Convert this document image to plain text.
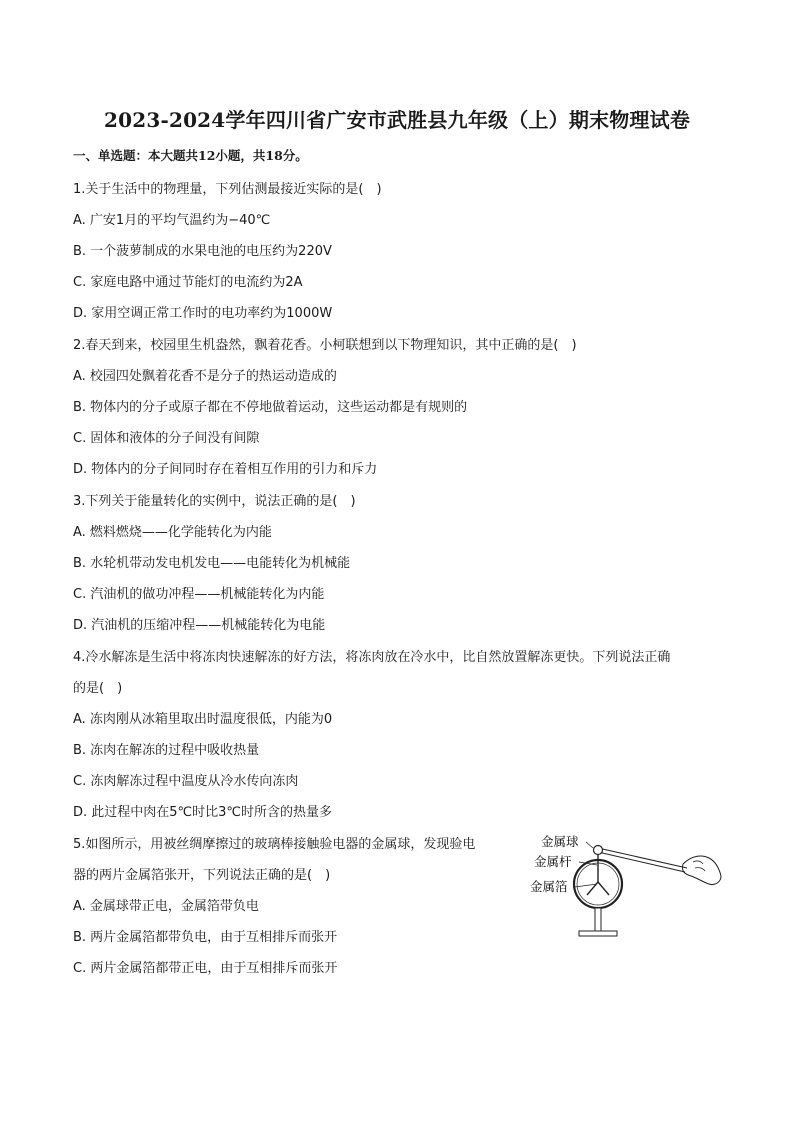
2023-2024学年四川省广安市武胜县九年级（上）期末物理试卷
一、单选题：本大题共12小题，共18分。
1.关于生活中的物理量，下列估测最接近实际的是(　)
A. 广安1月的平均气温约为−40℃
B. 一个菠萝制成的水果电池的电压约为220V
C. 家庭电路中通过节能灯的电流约为2A
D. 家用空调正常工作时的电功率约为1000W
2.春天到来，校园里生机盎然，飘着花香。小柯联想到以下物理知识，其中正确的是(　)
A. 校园四处飘着花香不是分子的热运动造成的
B. 物体内的分子或原子都在不停地做着运动，这些运动都是有规则的
C. 固体和液体的分子间没有间隙
D. 物体内的分子间同时存在着相互作用的引力和斥力
3.下列关于能量转化的实例中，说法正确的是(　)
A. 燃料燃烧——化学能转化为内能
B. 水轮机带动发电机发电——电能转化为机械能
C. 汽油机的做功冲程——机械能转化为内能
D. 汽油机的压缩冲程——机械能转化为电能
4.冷水解冻是生活中将冻肉快速解冻的好方法，将冻肉放在冷水中，比自然放置解冻更快。下列说法正确
的是(　)
A. 冻肉刚从冰箱里取出时温度很低，内能为0
B. 冻肉在解冻的过程中吸收热量
C. 冻肉解冻过程中温度从冷水传向冻肉
D. 此过程中肉在5℃时比3℃时所含的热量多
5.如图所示，用被丝绸摩擦过的玻璃棒接触验电器的金属球，发现验电
器的两片金属箔张开，下列说法正确的是(　)
A. 金属球带正电，金属箔带负电
B. 两片金属箔都带负电，由于互相排斥而张开
C. 两片金属箔都带正电，由于互相排斥而张开
金属球
金属杆
金属箔
